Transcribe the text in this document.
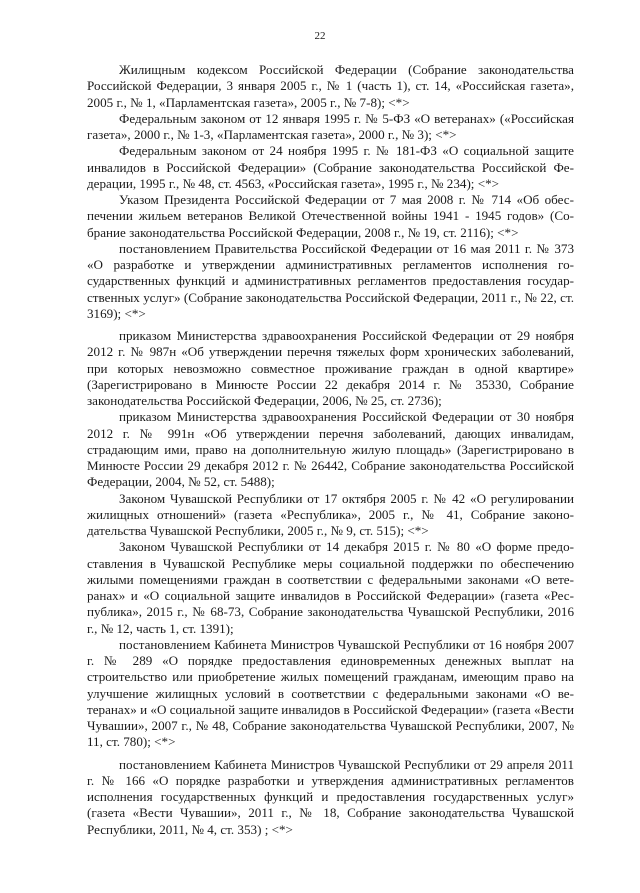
22

Жилищным кодексом Российской Федерации (Собрание законодательства Российской Федерации, 3 января 2005 г., № 1 (часть 1), ст. 14, «Российская газета», 2005 г., № 1, «Парламентская газета», 2005 г., № 7-8); <*>

Федеральным законом от 12 января 1995 г. № 5-ФЗ «О ветеранах» («Российская газета», 2000 г., № 1-3, «Парламентская газета», 2000 г., № 3); <*>

Федеральным законом от 24 ноября 1995 г. № 181-ФЗ «О социальной защите инвалидов в Российской Федерации» (Собрание законодательства Российской Федерации, 1995 г., № 48, ст. 4563, «Российская газета», 1995 г., № 234); <*>

Указом Президента Российской Федерации от 7 мая 2008 г. № 714 «Об обеспечении жильем ветеранов Великой Отечественной войны 1941 - 1945 годов» (Собрание законодательства Российской Федерации, 2008 г., № 19, ст. 2116); <*>

постановлением Правительства Российской Федерации от 16 мая 2011 г. № 373 «О разработке и утверждении административных регламентов исполнения государственных функций и административных регламентов предоставления государственных услуг» (Собрание законодательства Российской Федерации, 2011 г., № 22, ст. 3169); <*>

приказом Министерства здравоохранения Российской Федерации от 29 ноября 2012 г. № 987н «Об утверждении перечня тяжелых форм хронических заболеваний, при которых невозможно совместное проживание граждан в одной квартире» (Зарегистрировано в Минюсте России 22 декабря 2014 г. № 35330, Собрание законодательства Российской Федерации, 2006, № 25, ст. 2736);

приказом Министерства здравоохранения Российской Федерации от 30 ноября 2012 г. № 991н «Об утверждении перечня заболеваний, дающих инвалидам, страдающим ими, право на дополнительную жилую площадь» (Зарегистрировано в Минюсте России 29 декабря 2012 г. № 26442, Собрание законодательства Российской Федерации, 2004, № 52, ст. 5488);

Законом Чувашской Республики от 17 октября 2005 г. № 42 «О регулировании жилищных отношений» (газета «Республика», 2005 г., № 41, Собрание законодательства Чувашской Республики, 2005 г., № 9, ст. 515); <*>

Законом Чувашской Республики от 14 декабря 2015 г. № 80 «О форме предоставления в Чувашской Республике меры социальной поддержки по обеспечению жилыми помещениями граждан в соответствии с федеральными законами «О ветеранах» и «О социальной защите инвалидов в Российской Федерации» (газета «Республика», 2015 г., № 68-73, Собрание законодательства Чувашской Республики, 2016 г., № 12, часть 1, ст. 1391);

постановлением Кабинета Министров Чувашской Республики от 16 ноября 2007 г. № 289 «О порядке предоставления единовременных денежных выплат на строительство или приобретение жилых помещений гражданам, имеющим право на улучшение жилищных условий в соответствии с федеральными законами «О ветеранах» и «О социальной защите инвалидов в Российской Федерации» (газета «Вести Чувашии», 2007 г., № 48, Собрание законодательства Чувашской Республики, 2007, № 11, ст. 780); <*>

постановлением Кабинета Министров Чувашской Республики от 29 апреля 2011 г. № 166 «О порядке разработки и утверждения административных регламентов исполнения государственных функций и предоставления государственных услуг» (газета «Вести Чувашии», 2011 г., № 18, Собрание законодательства Чувашской Республики, 2011, № 4, ст. 353) ; <*>
